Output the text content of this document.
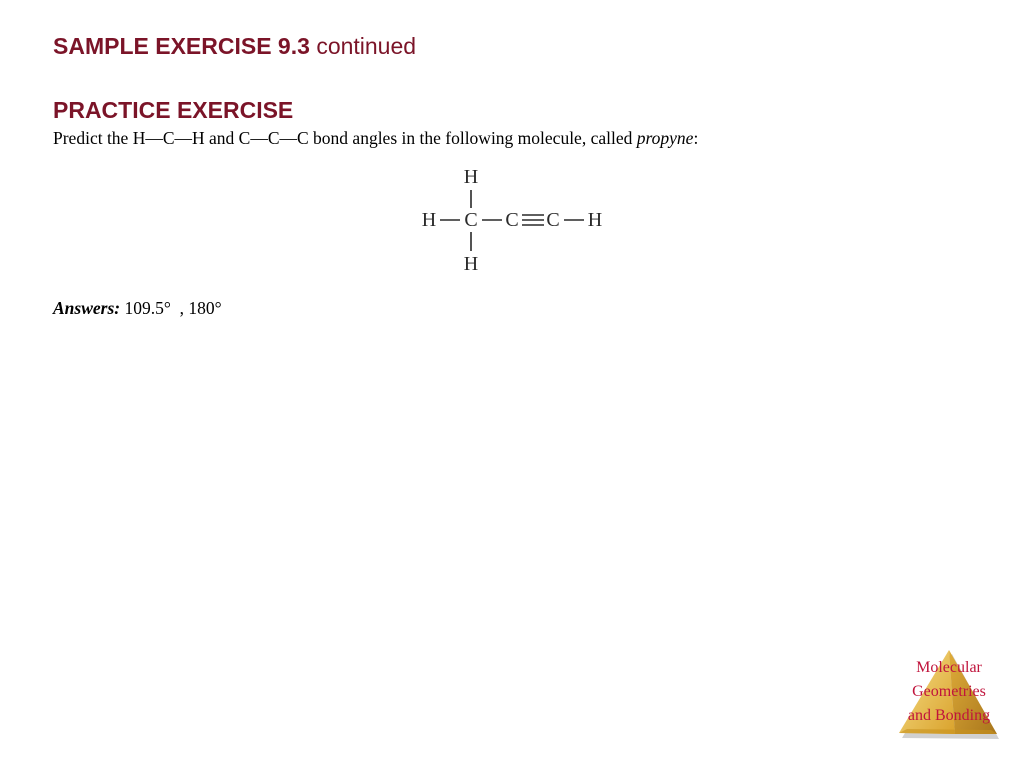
SAMPLE EXERCISE 9.3 continued
PRACTICE EXERCISE
Predict the H—C—H and C—C—C bond angles in the following molecule, called propyne:
H
H C C C H
H
Answers: 109.5°  , 180°
Molecular
Geometries
and Bonding
